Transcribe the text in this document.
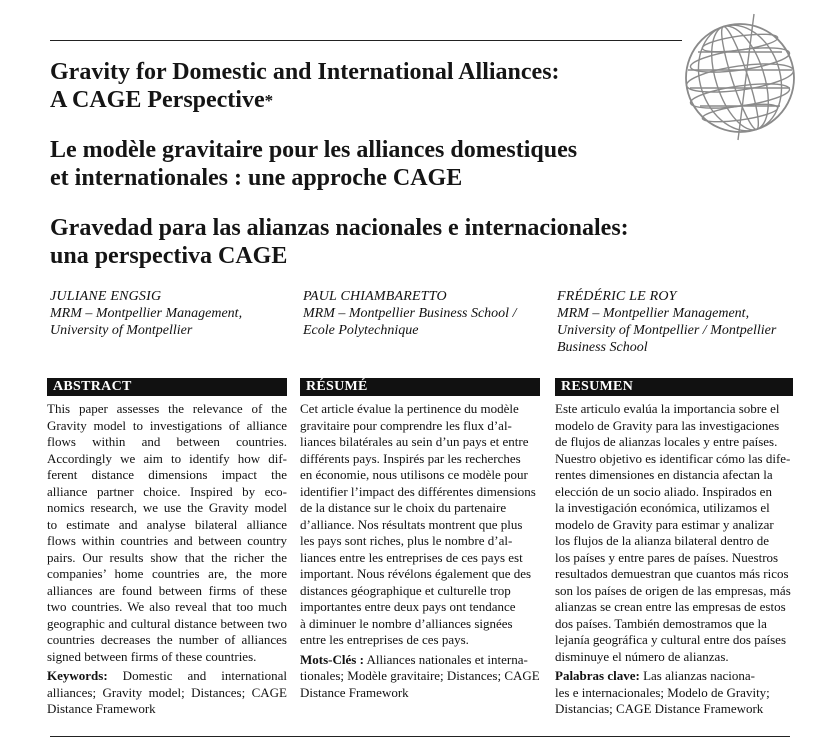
Gravity for Domestic and International Alliances:
A CAGE Perspective*
Le modèle gravitaire pour les alliances domestiques
et internationales : une approche CAGE
Gravedad para las alianzas nacionales e internacionales:
una perspectiva CAGE
JULIANE ENGSIG
MRM – Montpellier Management,
University of Montpellier
PAUL CHIAMBARETTO
MRM – Montpellier Business School /
Ecole Polytechnique
FRÉDÉRIC LE ROY
MRM – Montpellier Management,
University of Montpellier / Montpellier
Business School
ABSTRACT

This paper assesses the relevance of the
Gravity model to investigations of alliance
flows within and between countries.
Accordingly we aim to identify how dif-
ferent distance dimensions impact the
alliance partner choice. Inspired by eco-
nomics research, we use the Gravity model
to estimate and analyse bilateral alliance
flows within countries and between country
pairs. Our results show that the richer the
companies’ home countries are, the more
alliances are found between firms of these
two countries. We also reveal that too much
geographic and cultural distance between two
countries decreases the number of alliances
signed between firms of these countries.

Keywords: Domestic and international
alliances; Gravity model; Distances; CAGE
Distance Framework

RÉSUMÉ

Cet article évalue la pertinence du modèle
gravitaire pour comprendre les flux d’al-
liances bilatérales au sein d’un pays et entre
différents pays. Inspirés par les recherches
en économie, nous utilisons ce modèle pour
identifier l’impact des différentes dimensions
de la distance sur le choix du partenaire
d’alliance. Nos résultats montrent que plus
les pays sont riches, plus le nombre d’al-
liances entre les entreprises de ces pays est
important. Nous révélons également que des
distances géographique et culturelle trop
importantes entre deux pays ont tendance
à diminuer le nombre d’alliances signées
entre les entreprises de ces pays.

Mots-Clés : Alliances nationales et interna-
tionales; Modèle gravitaire; Distances; CAGE
Distance Framework

RESUMEN

Este articulo evalúa la importancia sobre el
modelo de Gravity para las investigaciones
de flujos de alianzas locales y entre países.
Nuestro objetivo es identificar cómo las dife-
rentes dimensiones en distancia afectan la
elección de un socio aliado. Inspirados en
la investigación económica, utilizamos el
modelo de Gravity para estimar y analizar
los flujos de la alianza bilateral dentro de
los países y entre pares de países. Nuestros
resultados demuestran que cuantos más ricos
son los países de origen de las empresas, más
alianzas se crean entre las empresas de estos
dos países. También demostramos que la
lejanía geográfica y cultural entre dos países
disminuye el número de alianzas.

Palabras clave: Las alianzas naciona-
les e internacionales; Modelo de Gravity;
Distancias; CAGE Distance Framework
